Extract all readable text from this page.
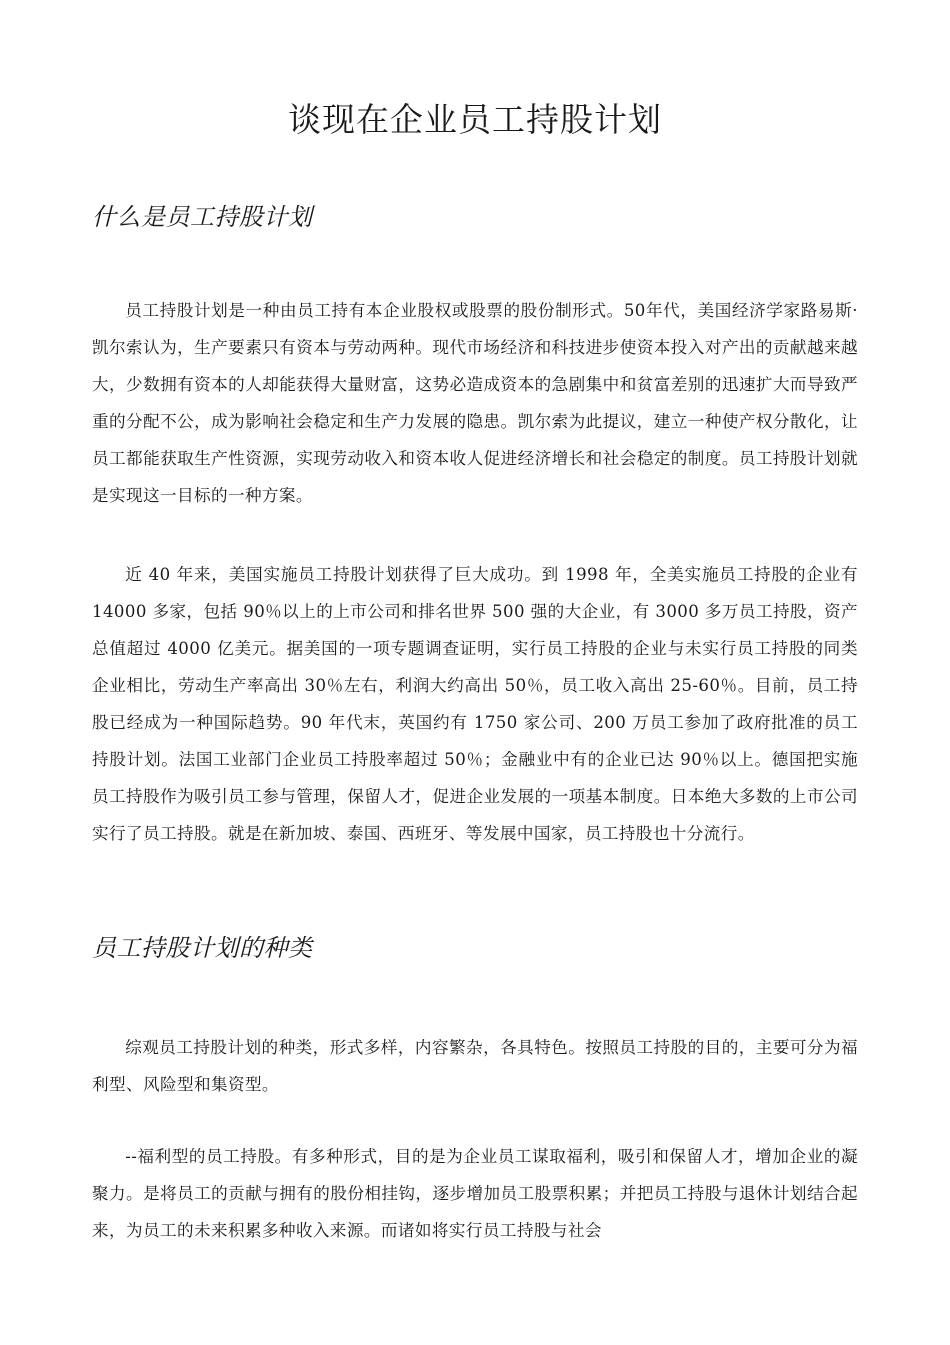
谈现在企业员工持股计划
什么是员工持股计划

员工持股计划是一种由员工持有本企业股权或股票的股份制形式。50年代，美国经济学家路易斯·凯尔索认为，生产要素只有资本与劳动两种。现代市场经济和科技进步使资本投入对产出的贡献越来越大，少数拥有资本的人却能获得大量财富，这势必造成资本的急剧集中和贫富差别的迅速扩大而导致严重的分配不公，成为影响社会稳定和生产力发展的隐患。凯尔索为此提议，建立一种使产权分散化，让员工都能获取生产性资源，实现劳动收入和资本收人促进经济增长和社会稳定的制度。员工持股计划就是实现这一目标的一种方案。

近 40 年来，美国实施员工持股计划获得了巨大成功。到 1998 年，全美实施员工持股的企业有 14000 多家，包括 90％以上的上市公司和排名世界 500 强的大企业，有 3000 多万员工持股，资产总值超过 4000 亿美元。据美国的一项专题调查证明，实行员工持股的企业与未实行员工持股的同类企业相比，劳动生产率高出 30％左右，利润大约高出 50％，员工收入高出 25-60％。目前，员工持股已经成为一种国际趋势。90 年代末，英国约有 1750 家公司、200 万员工参加了政府批准的员工持股计划。法国工业部门企业员工持股率超过 50％；金融业中有的企业已达 90％以上。德国把实施员工持股作为吸引员工参与管理，保留人才，促进企业发展的一项基本制度。日本绝大多数的上市公司实行了员工持股。就是在新加坡、泰国、西班牙、等发展中国家，员工持股也十分流行。

员工持股计划的种类

综观员工持股计划的种类，形式多样，内容繁杂，各具特色。按照员工持股的目的，主要可分为福利型、风险型和集资型。

--福利型的员工持股。有多种形式，目的是为企业员工谋取福利，吸引和保留人才，增加企业的凝聚力。是将员工的贡献与拥有的股份相挂钩，逐步增加员工股票积累；并把员工持股与退休计划结合起来，为员工的未来积累多种收入来源。而诸如将实行员工持股与社会
